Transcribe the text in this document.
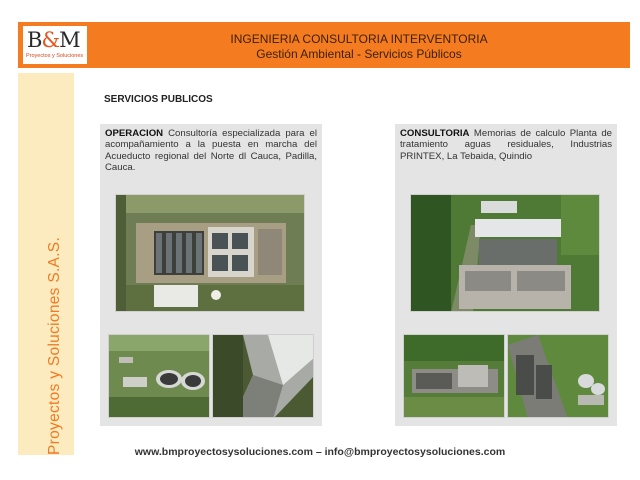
B&M
Proyectos y Soluciones
INGENIERIA CONSULTORIA INTERVENTORIA
Gestión Ambiental - Servicios Públicos
Proyectos y Soluciones S.A.S.
SERVICIOS PUBLICOS
OPERACION Consultoría especializada para el acompañamiento a la puesta en marcha del Acueducto regional del Norte dl Cauca, Padilla, Cauca.
CONSULTORIA Memorias de calculo Planta de tratamiento aguas residuales, Industrias PRINTEX, La Tebaida, Quindio
www.bmproyectosysoluciones.com – info@bmproyectosysoluciones.com
